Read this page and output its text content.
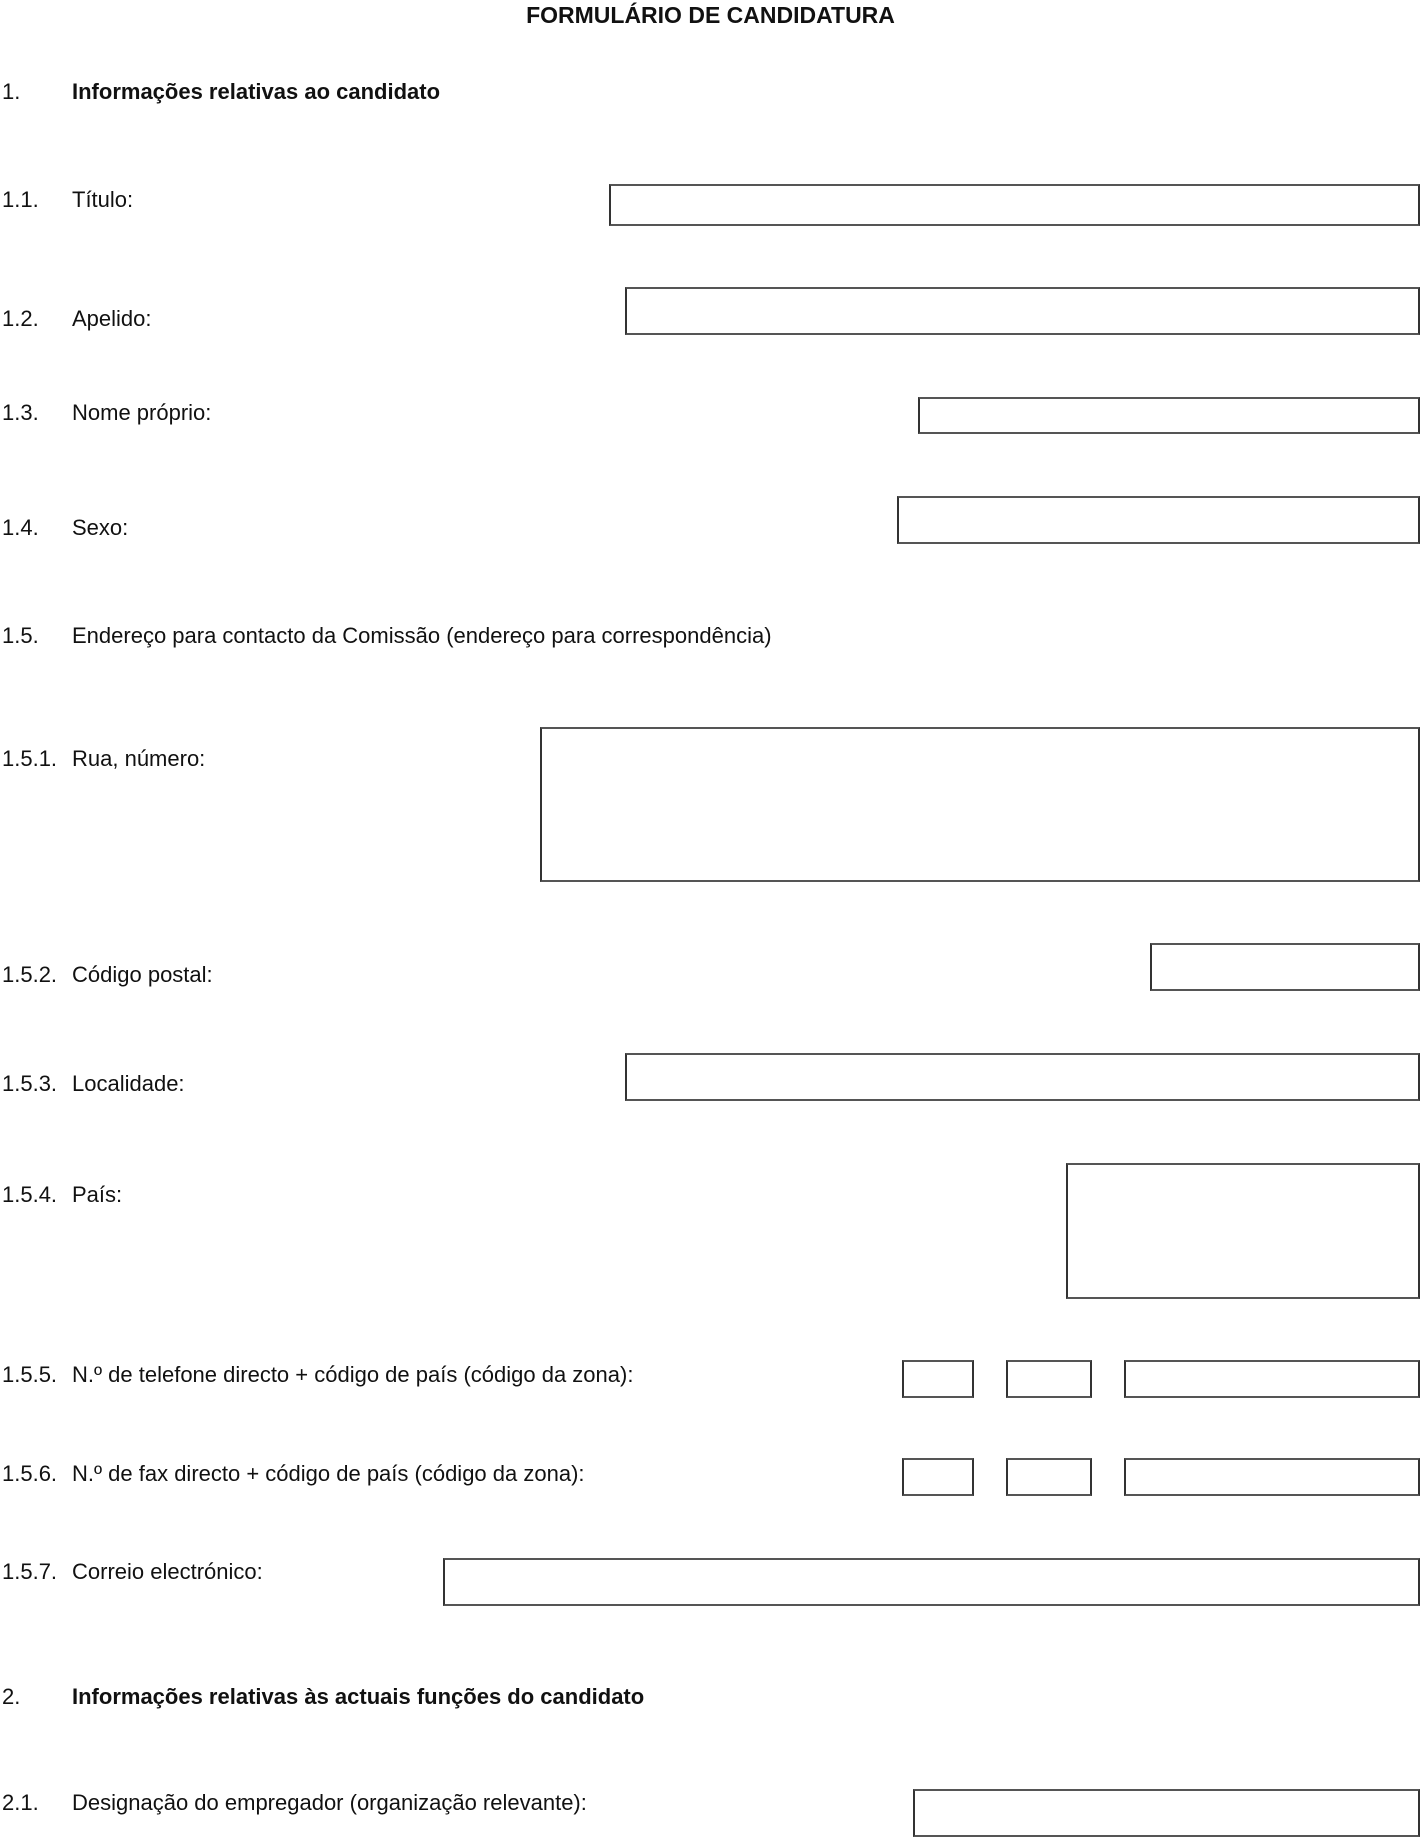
FORMULÁRIO DE CANDIDATURA
1. Informações relativas ao candidato
1.1. Título:
1.2. Apelido:
1.3. Nome próprio:
1.4. Sexo:
1.5. Endereço para contacto da Comissão (endereço para correspondência)
1.5.1. Rua, número:
1.5.2. Código postal:
1.5.3. Localidade:
1.5.4. País:
1.5.5. N.º de telefone directo + código de país (código da zona):
1.5.6. N.º de fax directo + código de país (código da zona):
1.5.7. Correio electrónico:
2. Informações relativas às actuais funções do candidato
2.1. Designação do empregador (organização relevante):
